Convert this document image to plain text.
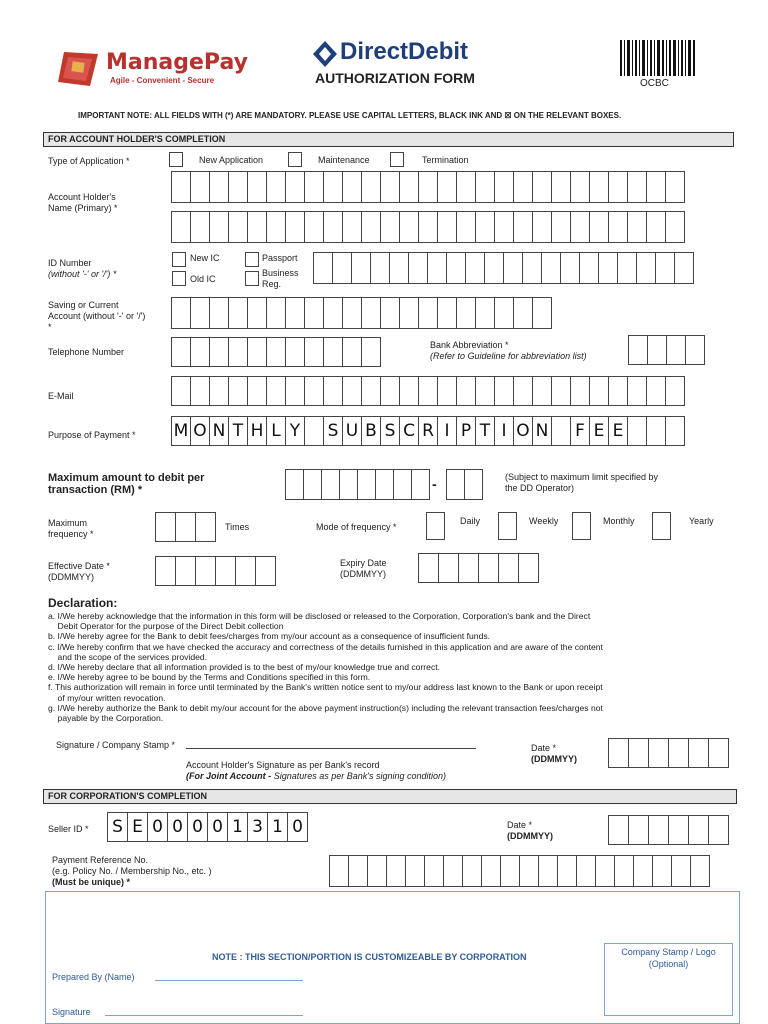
ManagePay
Agile - Convenient - Secure
DirectDebit
AUTHORIZATION FORM	OCBC
IMPORTANT NOTE: ALL FIELDS WITH (*) ARE MANDATORY. PLEASE USE CAPITAL LETTERS, BLACK INK AND ☒ ON THE RELEVANT BOXES.
FOR ACCOUNT HOLDER'S COMPLETION
Type of Application *	New Application	Maintenance	Termination
Account Holder's
Name (Primary) *
ID Number
(without '-' or '/') *
New IC	Passport
Old IC
Business
Reg.
Saving or Current
Account (without '-' or '/')
*
Telephone Number
Bank Abbreviation *
(Refer to Guideline for abbreviation list)
E-Mail
Purpose of Payment * M O N T H L Y S U B S C R I P T I O N	F E E
Maximum amount to debit per
transaction (RM) *	-	(Subject to maximum limit specified by
the DD Operator)
Maximum
frequency *
Times	Mode of frequency *
Daily	Weekly	Monthly	Yearly
Effective Date *
(DDMMYY)
Expiry Date
(DDMMYY)
Declaration:
a. I/We hereby acknowledge that the information in this form will be disclosed or released to the Corporation, Corporation's bank and the Direct
Debit Operator for the purpose of the Direct Debit collection
b. I/We hereby agree for the Bank to debit fees/charges from my/our account as a consequence of insufficient funds.
c. I/We hereby confirm that we have checked the accuracy and correctness of the details furnished in this application and are aware of the content
and the scope of the services provided.
d. I/We hereby declare that all information provided is to the best of my/our knowledge true and correct.
e. I/We hereby agree to be bound by the Terms and Conditions specified in this form.
f. This authorization will remain in force until terminated by the Bank's written notice sent to my/our address last known to the Bank or upon receipt
of my/our written revocation.
g. I/We hereby authorize the Bank to debit my/our account for the above payment instruction(s) including the relevant transaction fees/charges not
payable by the Corporation.
Signature / Company Stamp *
Account Holder's Signature as per Bank's record
(For Joint Account - Signatures as per Bank's signing condition)
Date *
(DDMMYY)
FOR CORPORATION'S COMPLETION
Seller ID * S E 0 0 0 0 1 3 1 0	Date *
(DDMMYY)
Payment Reference No.
(e.g. Policy No. / Membership No., etc. )
(Must be unique) *
NOTE : THIS SECTION/PORTION IS CUSTOMIZEABLE BY CORPORATION	Company Stamp / Logo
(Optional)
Prepared By (Name)
Signature
